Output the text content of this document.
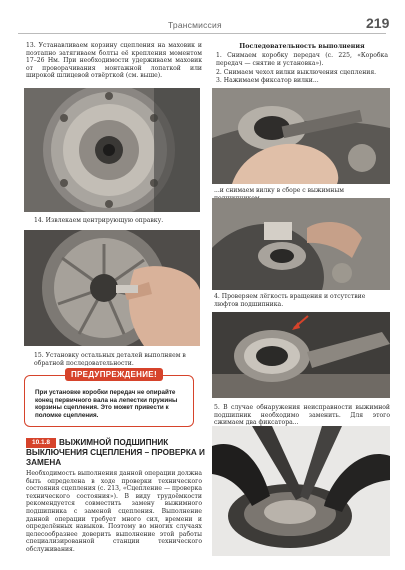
Трансмиссия	219
13. Устанавливаем корзину сцепления на маховик и поэтапно затягиваем болты её крепления моментом 17–26 Нм. При необходимости удерживаем маховик от проворачивания монтажной лопаткой или широкой шлицевой отвёрткой (см. выше).
14. Извлекаем центрирующую оправку.
15. Установку остальных деталей выполняем в обратной последовательности.
ПРЕДУПРЕЖДЕНИЕ!
При установке коробки передач не опирайте конец первичного вала на лепестки пружины корзины сцепления. Это может привести к поломке сцепления.
ВЫЖИМНОЙ ПОДШИПНИК ВЫКЛЮЧЕНИЯ СЦЕПЛЕНИЯ – ПРОВЕРКА И ЗАМЕНА
10.1.8
Необходимость выполнения данной операции должна быть определена в ходе проверки технического состояния сцепления (с. 213, «Сцепление — проверка технического состояния»). В виду трудоёмкости рекомендуется совместить замену выжимного подшипника с заменой сцепления. Выполнение данной операции требует много сил, времени и определённых навыков. Поэтому во многих случаях целесообразнее доверить выполнение этой работы специализированной станции технического обслуживания.
Последовательность выполнения
1. Снимаем коробку передач (с. 225, «Коробка передач — снятие и установка»).
2. Снимаем чехол вилки выключения сцепления.
3. Нажимаем фиксатор вилки...
...и снимаем вилку в сборе с выжимным
4. Проверяем лёгкость вращения и отсутствие люфтов подшипника.
5. В случае обнаружения неисправности выжимной подшипник необходимо заменить. Для этого сжимаем два фиксатора...
